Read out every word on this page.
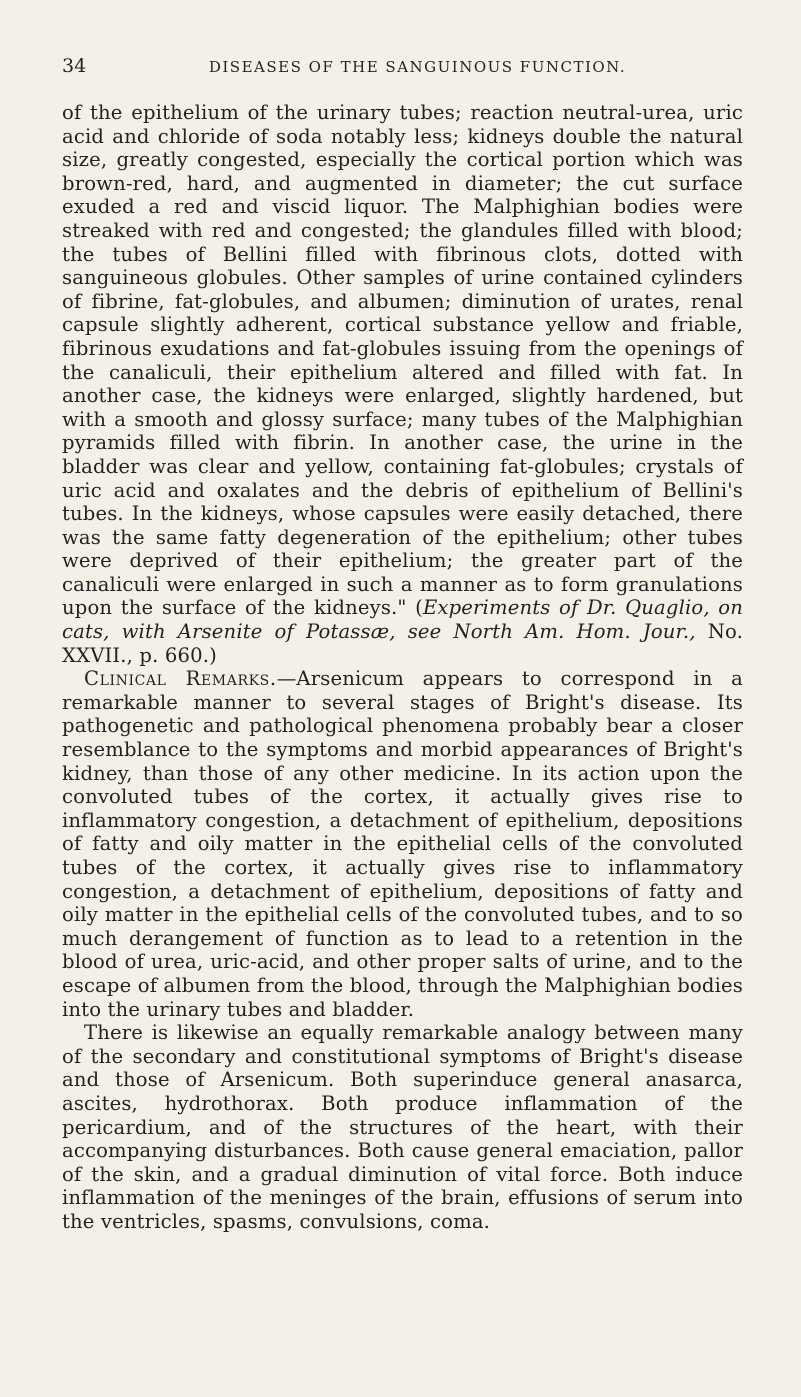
34	DISEASES OF THE SANGUINOUS FUNCTION.

of the epithelium of the urinary tubes; reaction neutral-urea, uric acid and chloride of soda notably less; kidneys double the natural size, greatly congested, especially the cortical portion which was brown-red, hard, and augmented in diameter; the cut surface exuded a red and viscid liquor. The Malphighian bodies were streaked with red and congested; the glandules filled with blood; the tubes of Bellini filled with fibrinous clots, dotted with sanguineous globules. Other samples of urine contained cylinders of fibrine, fat-globules, and albumen; diminution of urates, renal capsule slightly adherent, cortical substance yellow and friable, fibrinous exudations and fat-globules issuing from the openings of the canaliculi, their epithelium altered and filled with fat. In another case, the kidneys were enlarged, slightly hardened, but with a smooth and glossy surface; many tubes of the Malphighian pyramids filled with fibrin. In another case, the urine in the bladder was clear and yellow, containing fat-globules; crystals of uric acid and oxalates and the debris of epithelium of Bellini's tubes. In the kidneys, whose capsules were easily detached, there was the same fatty degeneration of the epithelium; other tubes were deprived of their epithelium; the greater part of the canaliculi were enlarged in such a manner as to form granulations upon the surface of the kidneys." (Experiments of Dr. Quaglio, on cats, with Arsenite of Potassæ, see North Am. Hom. Jour., No. XXVII., p. 660.)

Clinical Remarks.—Arsenicum appears to correspond in a remarkable manner to several stages of Bright's disease. Its pathogenetic and pathological phenomena probably bear a closer resemblance to the symptoms and morbid appearances of Bright's kidney, than those of any other medicine. In its action upon the convoluted tubes of the cortex, it actually gives rise to inflammatory congestion, a detachment of epithelium, depositions of fatty and oily matter in the epithelial cells of the convoluted tubes of the cortex, it actually gives rise to inflammatory congestion, a detachment of epithelium, depositions of fatty and oily matter in the epithelial cells of the convoluted tubes, and to so much derangement of function as to lead to a retention in the blood of urea, uric-acid, and other proper salts of urine, and to the escape of albumen from the blood, through the Malphighian bodies into the urinary tubes and bladder.

There is likewise an equally remarkable analogy between many of the secondary and constitutional symptoms of Bright's disease and those of Arsenicum. Both superinduce general anasarca, ascites, hydrothorax. Both produce inflammation of the pericardium, and of the structures of the heart, with their accompanying disturbances. Both cause general emaciation, pallor of the skin, and a gradual diminution of vital force. Both induce inflammation of the meninges of the brain, effusions of serum into the ventricles, spasms, convulsions, coma.
